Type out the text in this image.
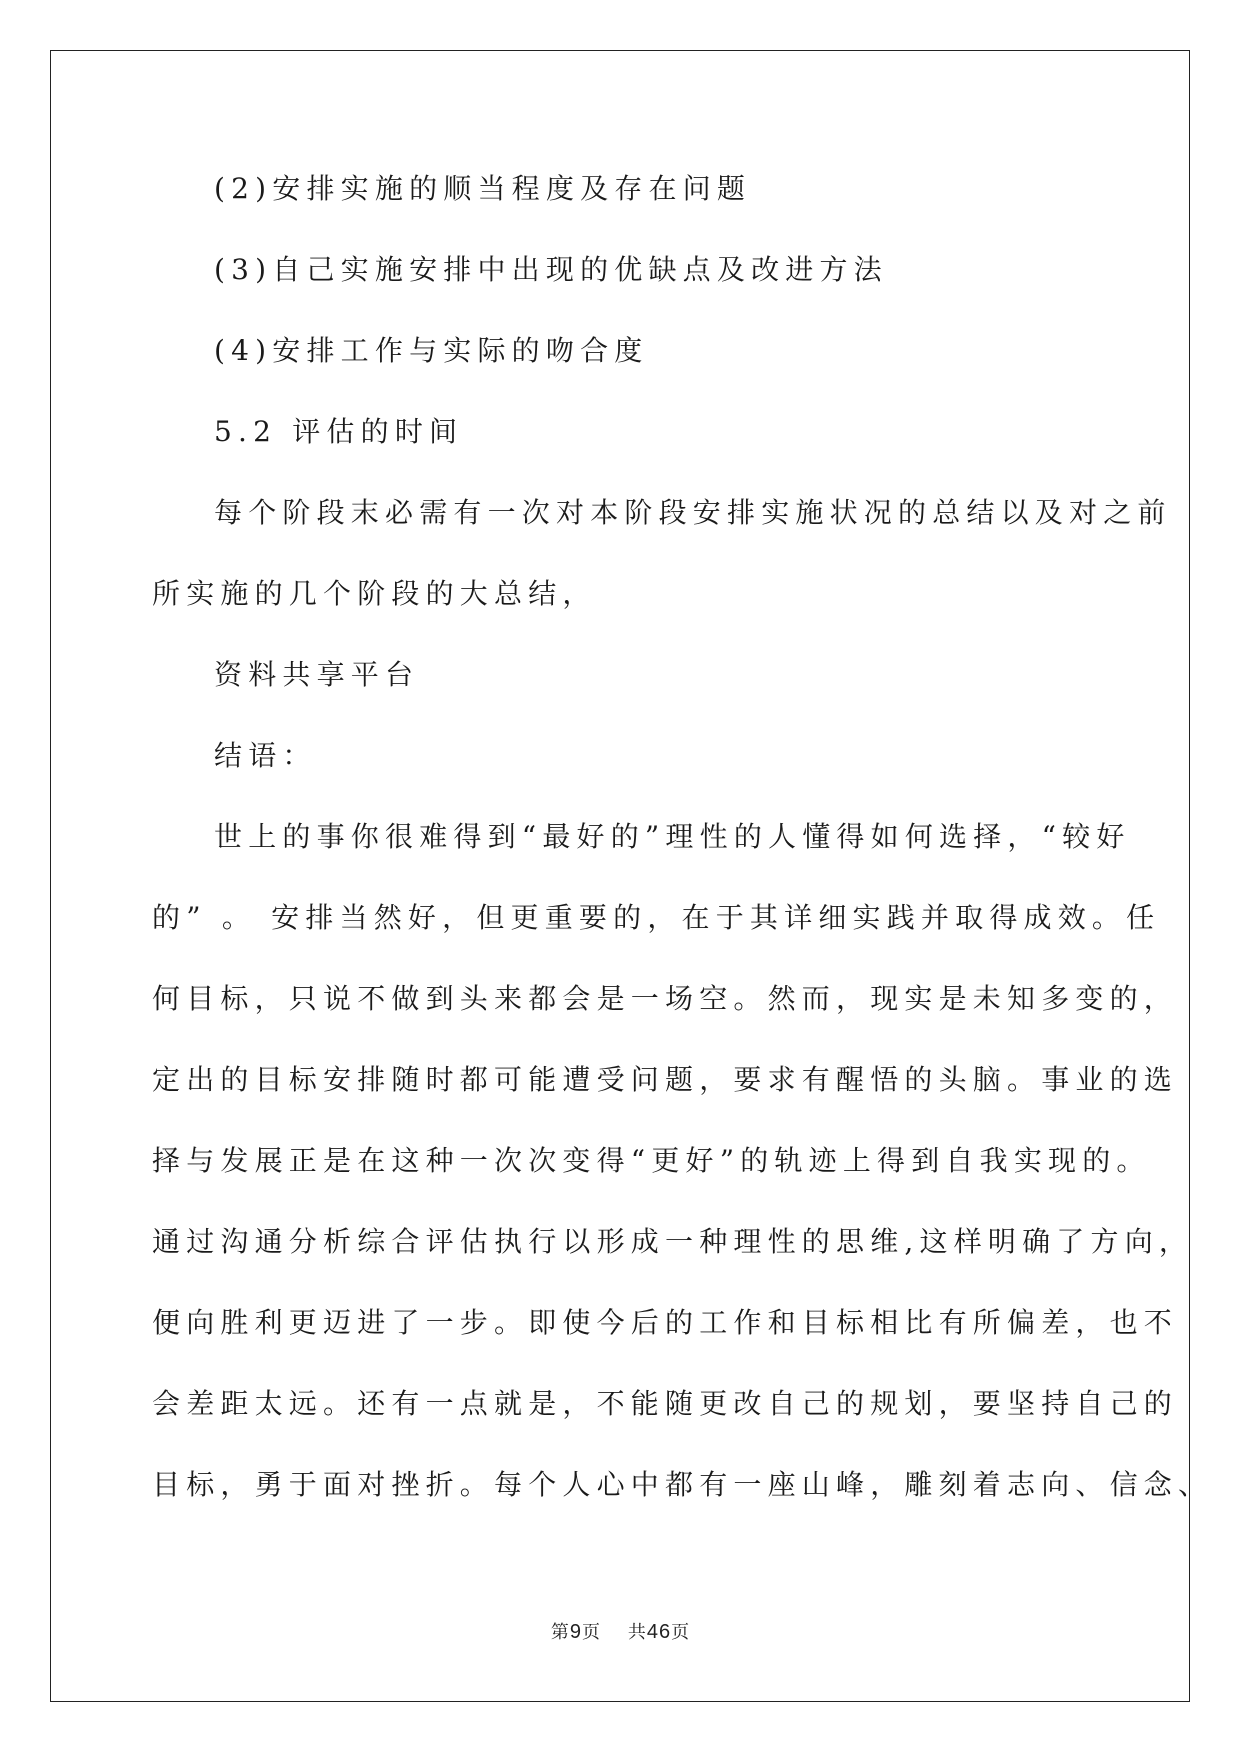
(2)安排实施的顺当程度及存在问题
(3)自己实施安排中出现的优缺点及改进方法
(4)安排工作与实际的吻合度
5.2 评估的时间
每个阶段末必需有一次对本阶段安排实施状况的总结以及对之前
所实施的几个阶段的大总结，
资料共享平台
结语：
世上的事你很难得到“最好的”理性的人懂得如何选择，“较好
的” 。 安排当然好，但更重要的，在于其详细实践并取得成效。任
何目标，只说不做到头来都会是一场空。然而，现实是未知多变的，
定出的目标安排随时都可能遭受问题，要求有醒悟的头脑。事业的选
择与发展正是在这种一次次变得“更好”的轨迹上得到自我实现的。
通过沟通分析综合评估执行以形成一种理性的思维,这样明确了方向，
便向胜利更迈进了一步。即使今后的工作和目标相比有所偏差，也不
会差距太远。还有一点就是，不能随更改自己的规划，要坚持自己的
目标，勇于面对挫折。每个人心中都有一座山峰，雕刻着志向、信念、
第9页 共46页
